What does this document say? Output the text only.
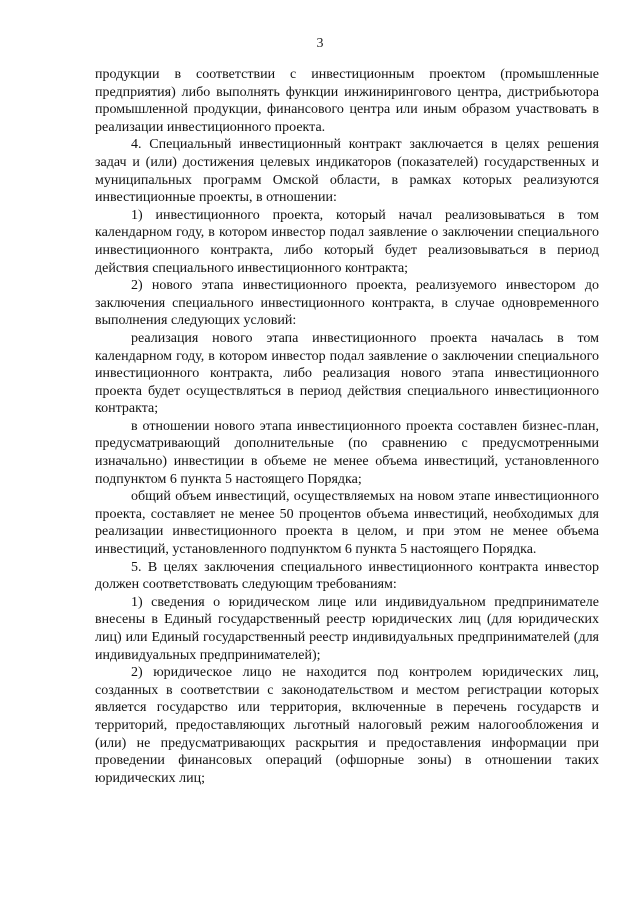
3

продукции в соответствии с инвестиционным проектом (промышленные предприятия) либо выполнять функции инжинирингового центра, дистрибьютора промышленной продукции, финансового центра или иным образом участвовать в реализации инвестиционного проекта.

4. Специальный инвестиционный контракт заключается в целях решения задач и (или) достижения целевых индикаторов (показателей) государственных и муниципальных программ Омской области, в рамках которых реализуются инвестиционные проекты, в отношении:

1) инвестиционного проекта, который начал реализовываться в том календарном году, в котором инвестор подал заявление о заключении специального инвестиционного контракта, либо который будет реализовываться в период действия специального инвестиционного контракта;

2) нового этапа инвестиционного проекта, реализуемого инвестором до заключения специального инвестиционного контракта, в случае одновременного выполнения следующих условий:

реализация нового этапа инвестиционного проекта началась в том календарном году, в котором инвестор подал заявление о заключении специального инвестиционного контракта, либо реализация нового этапа инвестиционного проекта будет осуществляться в период действия специального инвестиционного контракта;

в отношении нового этапа инвестиционного проекта составлен бизнес-план, предусматривающий дополнительные (по сравнению с предусмотренными изначально) инвестиции в объеме не менее объема инвестиций, установленного подпунктом 6 пункта 5 настоящего Порядка;

общий объем инвестиций, осуществляемых на новом этапе инвестиционного проекта, составляет не менее 50 процентов объема инвестиций, необходимых для реализации инвестиционного проекта в целом, и при этом не менее объема инвестиций, установленного подпунктом 6 пункта 5 настоящего Порядка.

5. В целях заключения специального инвестиционного контракта инвестор должен соответствовать следующим требованиям:

1) сведения о юридическом лице или индивидуальном предпринимателе внесены в Единый государственный реестр юридических лиц (для юридических лиц) или Единый государственный реестр индивидуальных предпринимателей (для индивидуальных предпринимателей);

2) юридическое лицо не находится под контролем юридических лиц, созданных в соответствии с законодательством и местом регистрации которых является государство или территория, включенные в перечень государств и территорий, предоставляющих льготный налоговый режим налогообложения и (или) не предусматривающих раскрытия и предоставления информации при проведении финансовых операций (офшорные зоны) в отношении таких юридических лиц;
